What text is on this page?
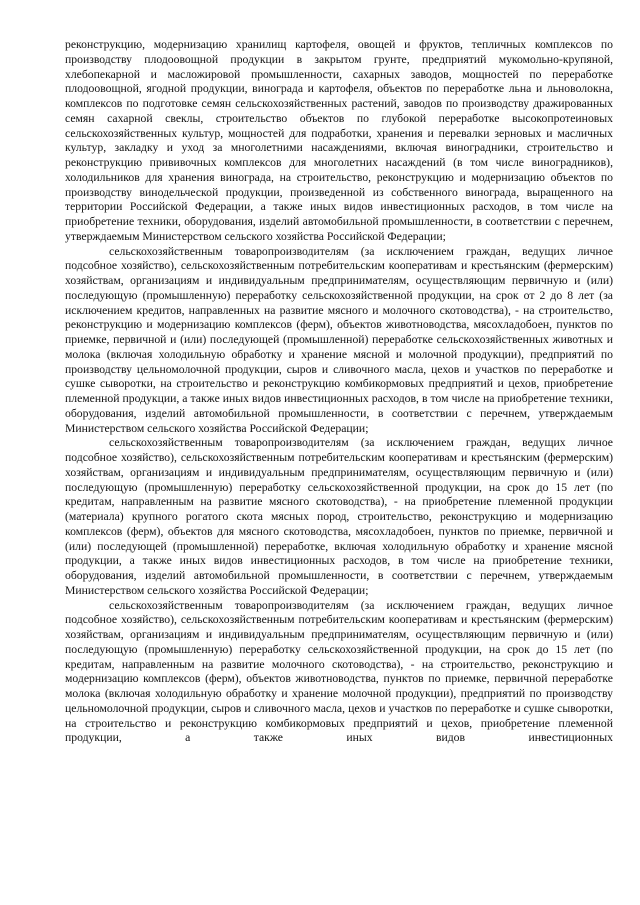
реконструкцию, модернизацию хранилищ картофеля, овощей и фруктов, тепличных комплексов по производству плодоовощной продукции в закрытом грунте, предприятий мукомольно-крупяной, хлебопекарной и масложировой промышленности, сахарных заводов, мощностей по переработке плодоовощной, ягодной продукции, винограда и картофеля, объектов по переработке льна и льноволокна, комплексов по подготовке семян сельскохозяйственных растений, заводов по производству дражированных семян сахарной свеклы, строительство объектов по глубокой переработке высокопротеиновых сельскохозяйственных культур, мощностей для подработки, хранения и перевалки зерновых и масличных культур, закладку и уход за многолетними насаждениями, включая виноградники, строительство и реконструкцию прививочных комплексов для многолетних насаждений (в том числе виноградников), холодильников для хранения винограда, на строительство, реконструкцию и модернизацию объектов по производству винодельческой продукции, произведенной из собственного винограда, выращенного на территории Российской Федерации, а также иных видов инвестиционных расходов, в том числе на приобретение техники, оборудования, изделий автомобильной промышленности, в соответствии с перечнем, утверждаемым Министерством сельского хозяйства Российской Федерации;

сельскохозяйственным товаропроизводителям (за исключением граждан, ведущих личное подсобное хозяйство), сельскохозяйственным потребительским кооперативам и крестьянским (фермерским) хозяйствам, организациям и индивидуальным предпринимателям, осуществляющим первичную и (или) последующую (промышленную) переработку сельскохозяйственной продукции, на срок от 2 до 8 лет (за исключением кредитов, направленных на развитие мясного и молочного скотоводства), - на строительство, реконструкцию и модернизацию комплексов (ферм), объектов животноводства, мясохладобоен, пунктов по приемке, первичной и (или) последующей (промышленной) переработке сельскохозяйственных животных и молока (включая холодильную обработку и хранение мясной и молочной продукции), предприятий по производству цельномолочной продукции, сыров и сливочного масла, цехов и участков по переработке и сушке сыворотки, на строительство и реконструкцию комбикормовых предприятий и цехов, приобретение племенной продукции, а также иных видов инвестиционных расходов, в том числе на приобретение техники, оборудования, изделий автомобильной промышленности, в соответствии с перечнем, утверждаемым Министерством сельского хозяйства Российской Федерации;

сельскохозяйственным товаропроизводителям (за исключением граждан, ведущих личное подсобное хозяйство), сельскохозяйственным потребительским кооперативам и крестьянским (фермерским) хозяйствам, организациям и индивидуальным предпринимателям, осуществляющим первичную и (или) последующую (промышленную) переработку сельскохозяйственной продукции, на срок до 15 лет (по кредитам, направленным на развитие мясного скотоводства), - на приобретение племенной продукции (материала) крупного рогатого скота мясных пород, строительство, реконструкцию и модернизацию комплексов (ферм), объектов для мясного скотоводства, мясохладобоен, пунктов по приемке, первичной и (или) последующей (промышленной) переработке, включая холодильную обработку и хранение мясной продукции, а также иных видов инвестиционных расходов, в том числе на приобретение техники, оборудования, изделий автомобильной промышленности, в соответствии с перечнем, утверждаемым Министерством сельского хозяйства Российской Федерации;

сельскохозяйственным товаропроизводителям (за исключением граждан, ведущих личное подсобное хозяйство), сельскохозяйственным потребительским кооперативам и крестьянским (фермерским) хозяйствам, организациям и индивидуальным предпринимателям, осуществляющим первичную и (или) последующую (промышленную) переработку сельскохозяйственной продукции, на срок до 15 лет (по кредитам, направленным на развитие молочного скотоводства), - на строительство, реконструкцию и модернизацию комплексов (ферм), объектов животноводства, пунктов по приемке, первичной переработке молока (включая холодильную обработку и хранение молочной продукции), предприятий по производству цельномолочной продукции, сыров и сливочного масла, цехов и участков по переработке и сушке сыворотки, на строительство и реконструкцию комбикормовых предприятий и цехов, приобретение племенной продукции, а также иных видов инвестиционных
